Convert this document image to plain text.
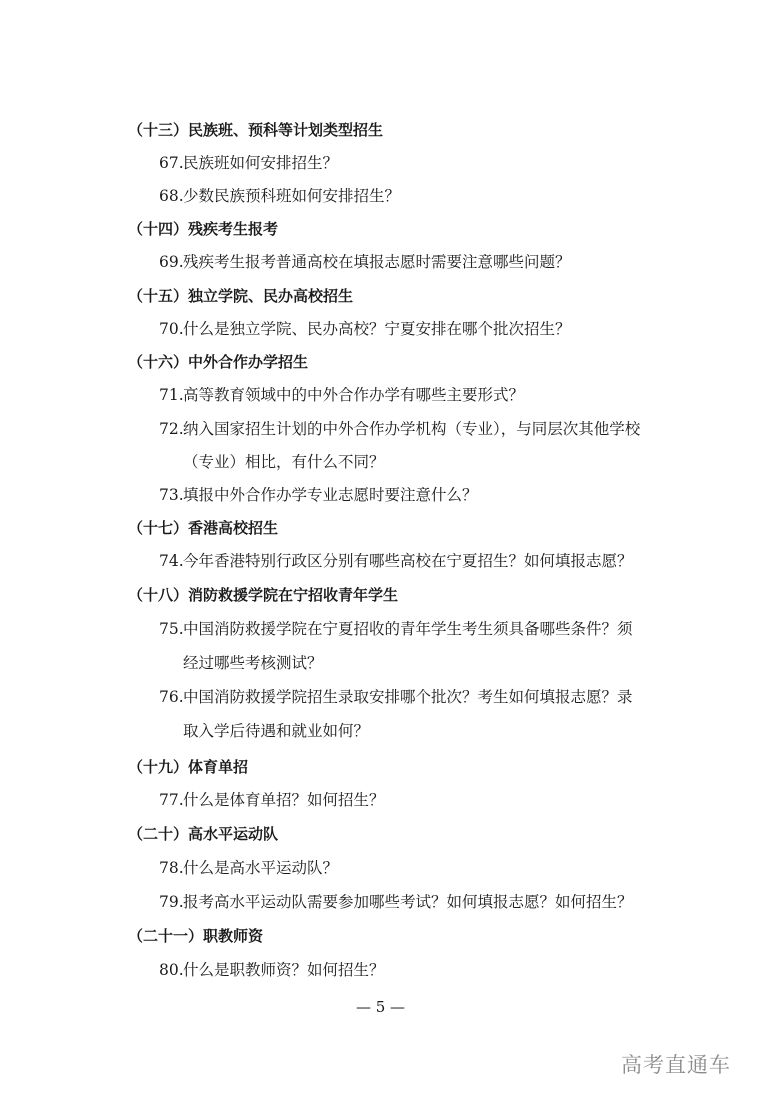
（十三）民族班、预科等计划类型招生
67.民族班如何安排招生？
68.少数民族预科班如何安排招生？
（十四）残疾考生报考
69.残疾考生报考普通高校在填报志愿时需要注意哪些问题？
（十五）独立学院、民办高校招生
70.什么是独立学院、民办高校？宁夏安排在哪个批次招生？
（十六）中外合作办学招生
71.高等教育领域中的中外合作办学有哪些主要形式？
72.纳入国家招生计划的中外合作办学机构（专业），与同层次其他学校
（专业）相比，有什么不同？
73.填报中外合作办学专业志愿时要注意什么？
（十七）香港高校招生
74.今年香港特别行政区分别有哪些高校在宁夏招生？如何填报志愿？
（十八）消防救援学院在宁招收青年学生
75.中国消防救援学院在宁夏招收的青年学生考生须具备哪些条件？须
经过哪些考核测试？
76.中国消防救援学院招生录取安排哪个批次？考生如何填报志愿？录
取入学后待遇和就业如何？
（十九）体育单招
77.什么是体育单招？如何招生？
（二十）高水平运动队
78.什么是高水平运动队？
79.报考高水平运动队需要参加哪些考试？如何填报志愿？如何招生？
（二十一）职教师资
80.什么是职教师资？如何招生？
— 5 —
高考直通车
